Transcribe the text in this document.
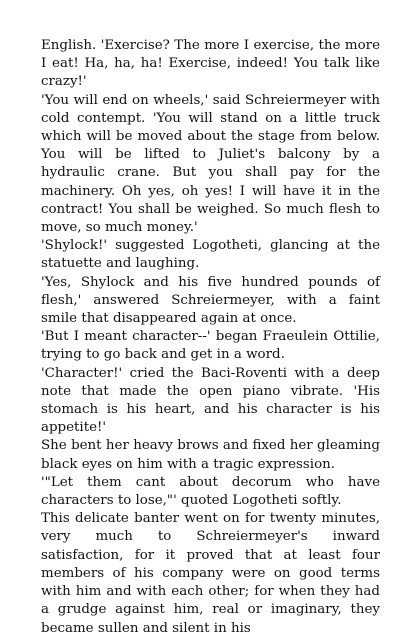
English. 'Exercise? The more I exercise, the more I eat! Ha, ha, ha! Exercise, indeed! You talk like crazy!'

'You will end on wheels,' said Schreiermeyer with cold contempt. 'You will stand on a little truck which will be moved about the stage from below. You will be lifted to Juliet's balcony by a hydraulic crane. But you shall pay for the machinery. Oh yes, oh yes! I will have it in the contract! You shall be weighed. So much flesh to move, so much money.'

'Shylock!' suggested Logotheti, glancing at the statuette and laughing.

'Yes, Shylock and his five hundred pounds of flesh,' answered Schreiermeyer, with a faint smile that disappeared again at once.

'But I meant character--' began Fraeulein Ottilie, trying to go back and get in a word.

'Character!' cried the Baci-Roventi with a deep note that made the open piano vibrate. 'His stomach is his heart, and his character is his appetite!'

She bent her heavy brows and fixed her gleaming black eyes on him with a tragic expression.

'"Let them cant about decorum who have characters to lose,"' quoted Logotheti softly.

This delicate banter went on for twenty minutes, very much to Schreiermeyer's inward satisfaction, for it proved that at least four members of his company were on good terms with him and with each other; for when they had a grudge against him, real or imaginary, they became sullen and silent in his
